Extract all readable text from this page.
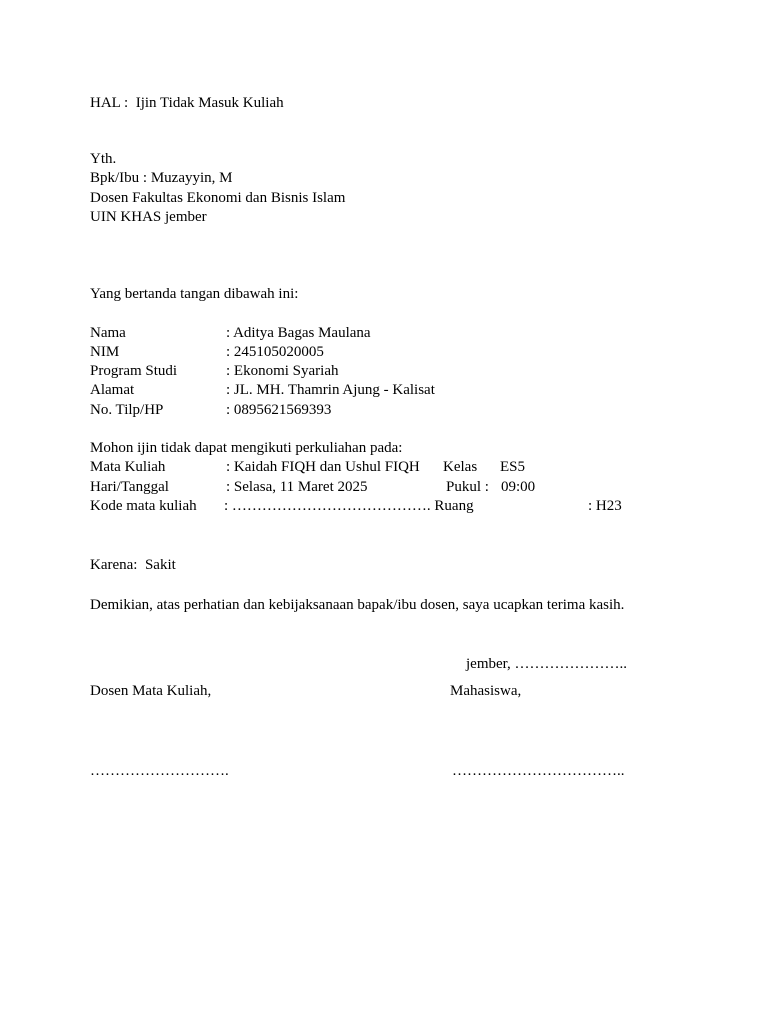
HAL : Ijin Tidak Masuk Kuliah
Yth.
Bpk/Ibu : Muzayyin, M
Dosen Fakultas Ekonomi dan Bisnis Islam
UIN KHAS jember
Yang bertanda tangan dibawah ini:
Nama	: Aditya Bagas Maulana
NIM	: 245105020005
Program Studi	: Ekonomi Syariah
Alamat	: JL. MH. Thamrin Ajung - Kalisat
No. Tilp/HP	: 0895621569393
Mohon ijin tidak dapat mengikuti perkuliahan pada:
Mata Kuliah	: Kaidah FIQH dan Ushul FIQH Kelas ES5
Hari/Tanggal	: Selasa, 11 Maret 2025	Pukul : 09:00
Kode mata kuliah : …………………………………. Ruang	: H23
Karena: Sakit
Demikian, atas perhatian dan kebijaksanaan bapak/ibu dosen, saya ucapkan terima kasih.
jember, …………………..
Dosen Mata Kuliah,	Mahasiswa,
……………………….	……………………………..
